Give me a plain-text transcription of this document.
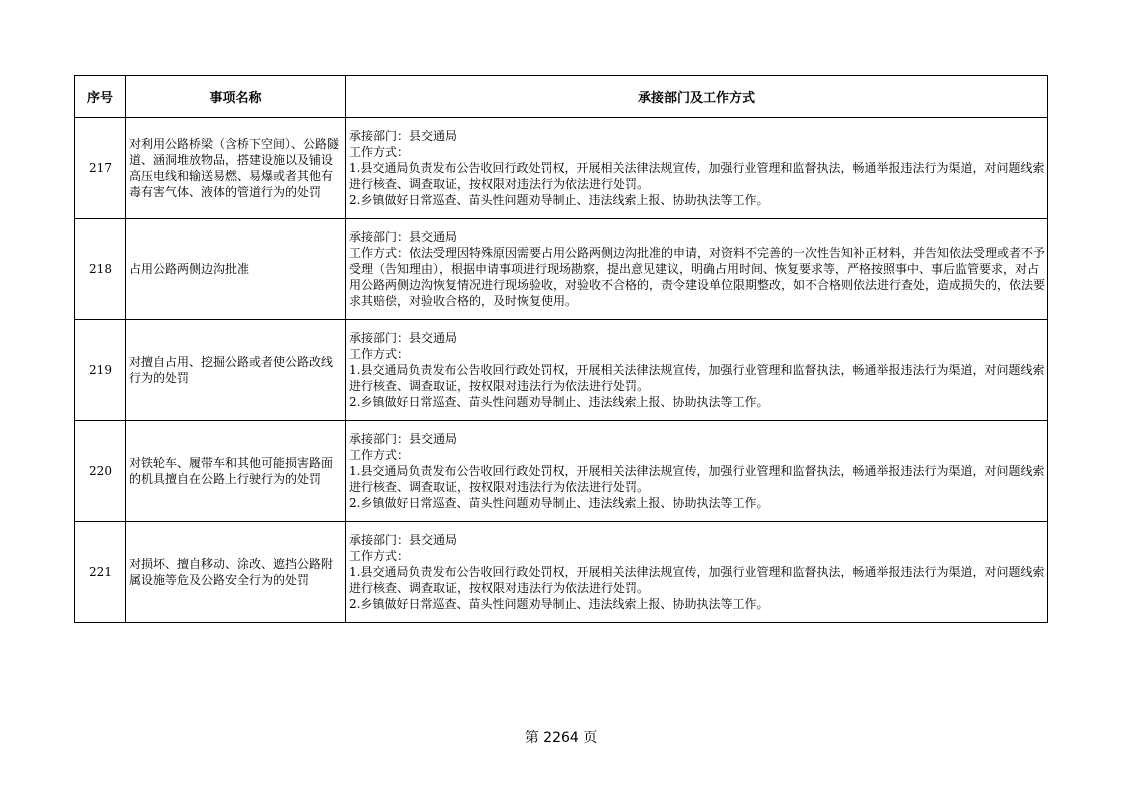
序号	事项名称	承接部门及工作方式
217	对利用公路桥梁（含桥下空间）、公路隧道、涵洞堆放物品，搭建设施以及铺设高压电线和输送易燃、易爆或者其他有毒有害气体、液体的管道行为的处罚	承接部门：县交通局
工作方式：
1.县交通局负责发布公告收回行政处罚权，开展相关法律法规宣传，加强行业管理和监督执法，畅通举报违法行为渠道，对问题线索进行核查、调查取证，按权限对违法行为依法进行处罚。
2.乡镇做好日常巡查、苗头性问题劝导制止、违法线索上报、协助执法等工作。

218	占用公路两侧边沟批准	承接部门：县交通局
工作方式：依法受理因特殊原因需要占用公路两侧边沟批准的申请，对资料不完善的一次性告知补正材料，并告知依法受理或者不予受理（告知理由），根据申请事项进行现场勘察，提出意见建议，明确占用时间、恢复要求等，严格按照事中、事后监管要求，对占用公路两侧边沟恢复情况进行现场验收，对验收不合格的，责令建设单位限期整改，如不合格则依法进行查处，造成损失的，依法要求其赔偿，对验收合格的，及时恢复使用。

219	对擅自占用、挖掘公路或者使公路改线行为的处罚	承接部门：县交通局
工作方式：
1.县交通局负责发布公告收回行政处罚权，开展相关法律法规宣传，加强行业管理和监督执法，畅通举报违法行为渠道，对问题线索进行核查、调查取证，按权限对违法行为依法进行处罚。
2.乡镇做好日常巡查、苗头性问题劝导制止、违法线索上报、协助执法等工作。

220	对铁轮车、履带车和其他可能损害路面的机具擅自在公路上行驶行为的处罚	承接部门：县交通局
工作方式：
1.县交通局负责发布公告收回行政处罚权，开展相关法律法规宣传，加强行业管理和监督执法，畅通举报违法行为渠道，对问题线索进行核查、调查取证，按权限对违法行为依法进行处罚。
2.乡镇做好日常巡查、苗头性问题劝导制止、违法线索上报、协助执法等工作。

221	对损坏、擅自移动、涂改、遮挡公路附属设施等危及公路安全行为的处罚	承接部门：县交通局
工作方式：
1.县交通局负责发布公告收回行政处罚权，开展相关法律法规宣传，加强行业管理和监督执法，畅通举报违法行为渠道，对问题线索进行核查、调查取证，按权限对违法行为依法进行处罚。
2.乡镇做好日常巡查、苗头性问题劝导制止、违法线索上报、协助执法等工作。
第 2264 页
